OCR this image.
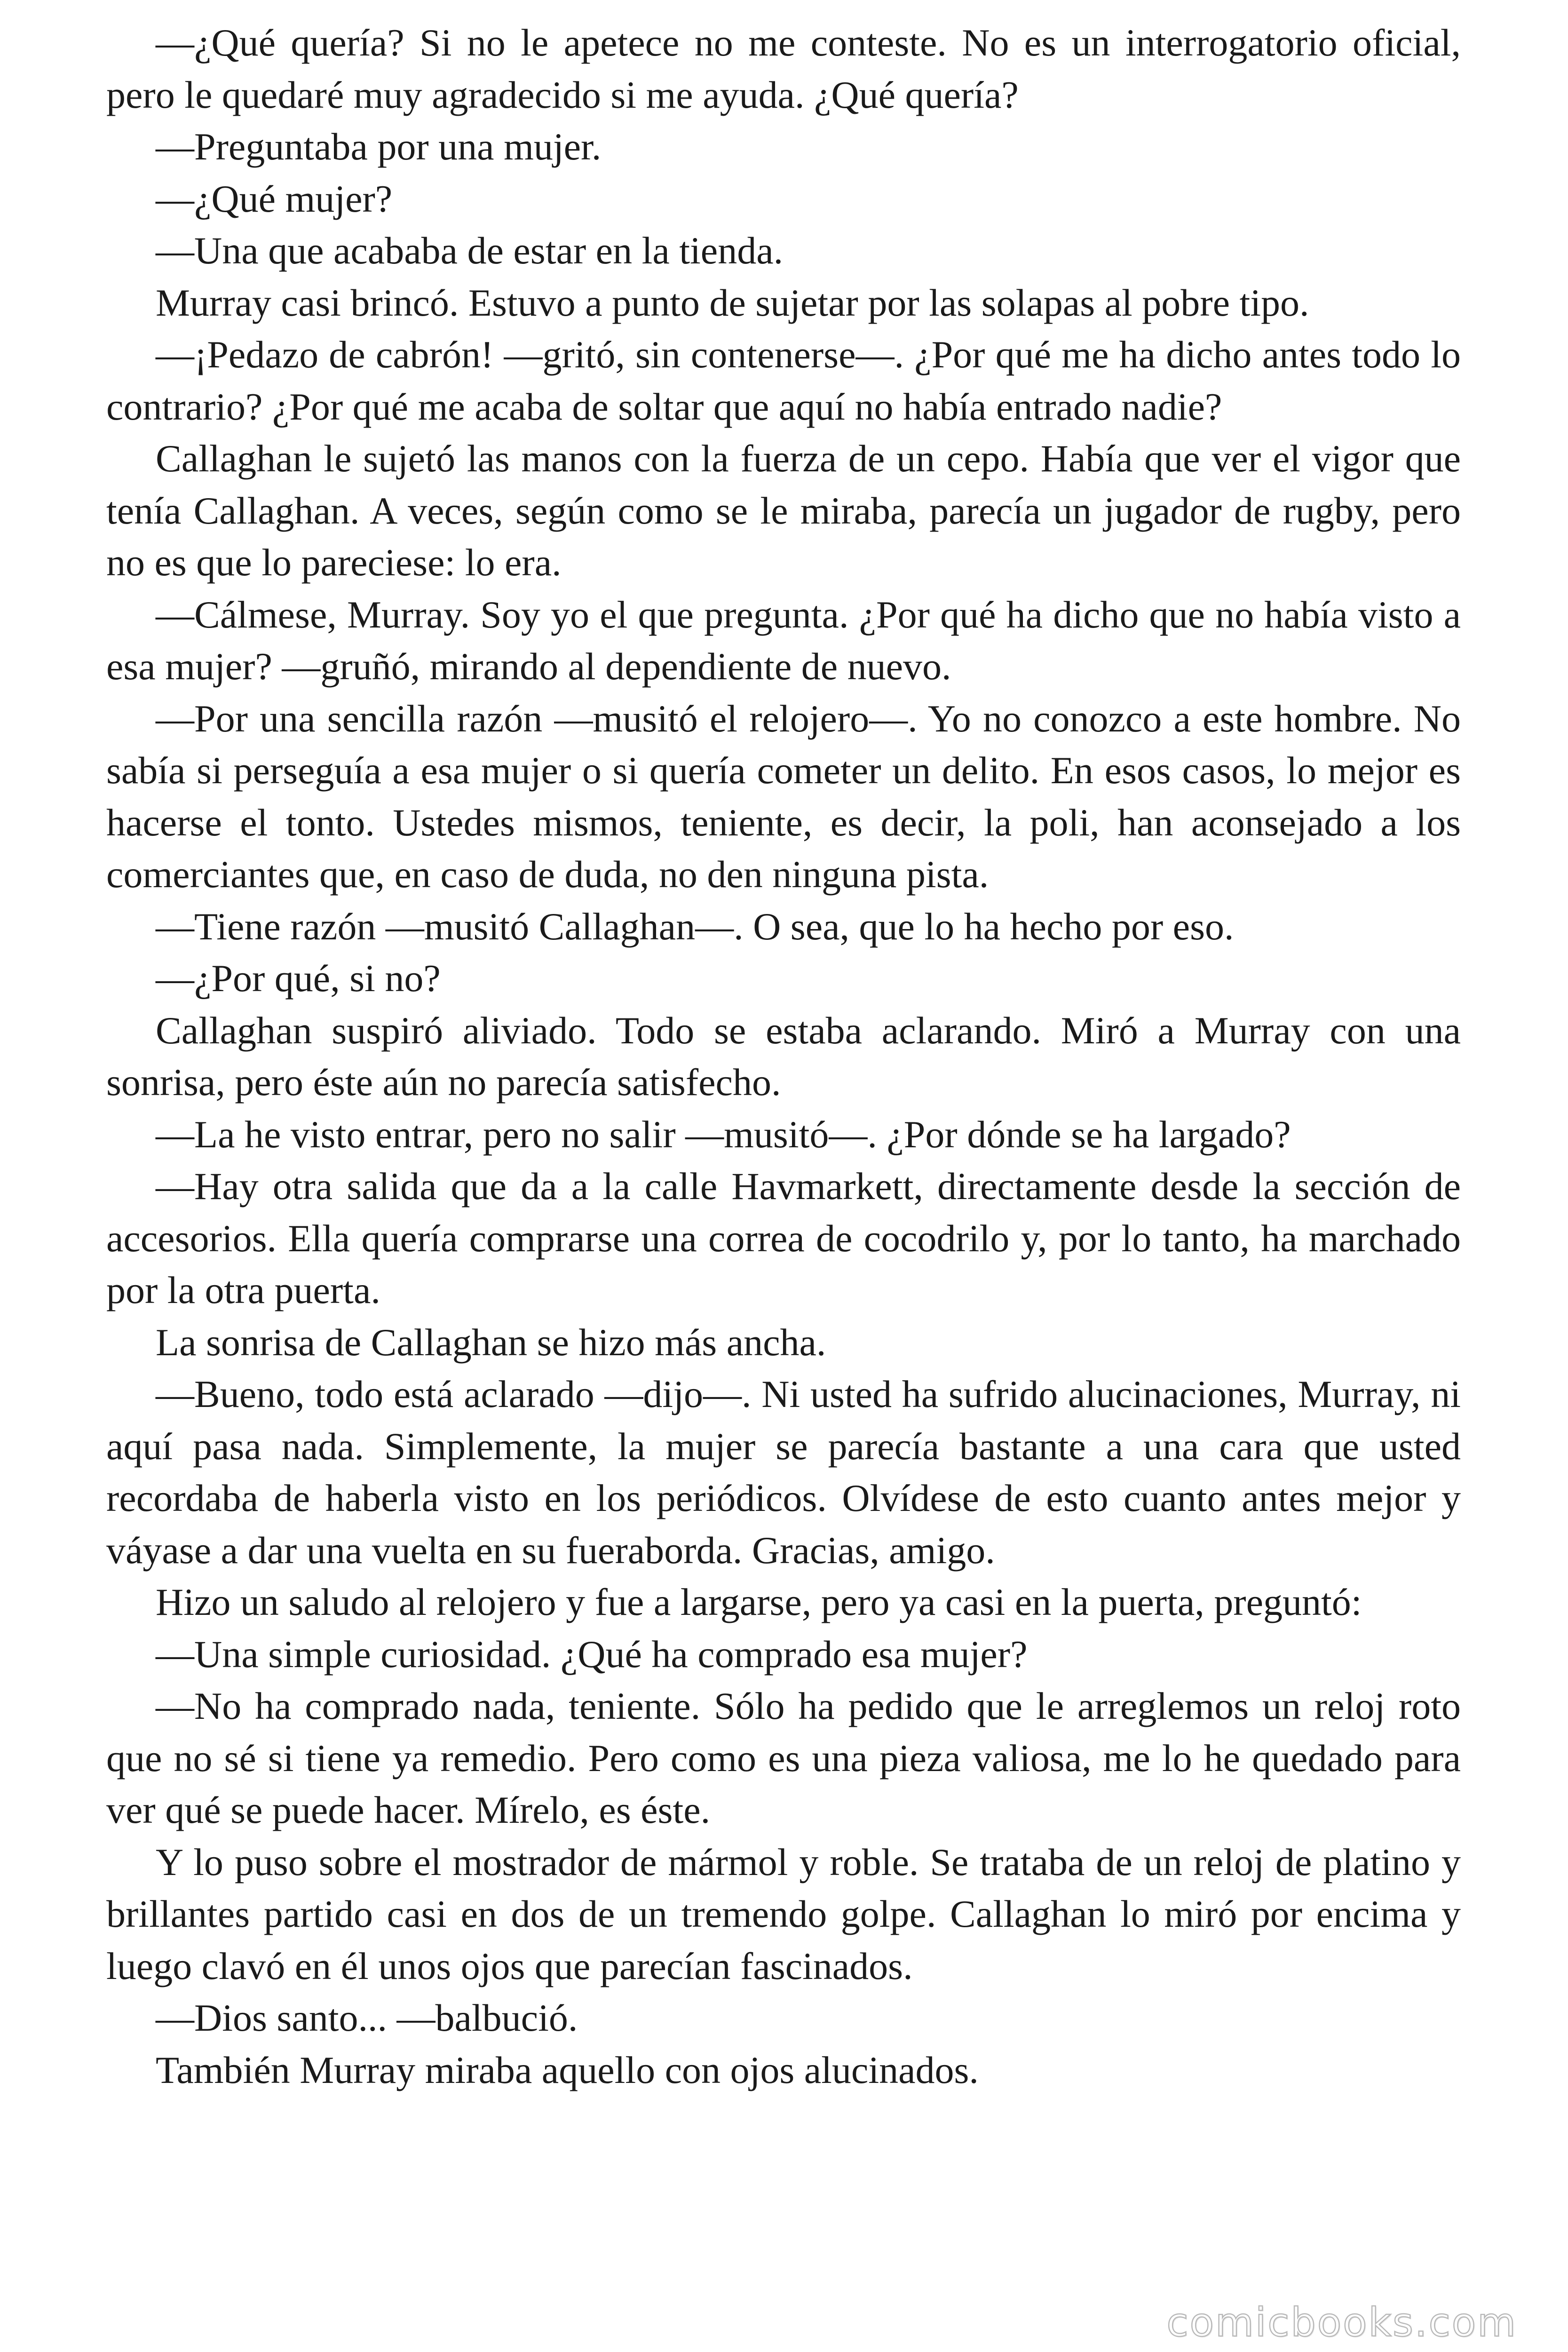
—¿Qué quería? Si no le apetece no me conteste. No es un interrogatorio oficial, pero le quedaré muy agradecido si me ayuda. ¿Qué quería?

—Preguntaba por una mujer.

—¿Qué mujer?

—Una que acababa de estar en la tienda.

Murray casi brincó. Estuvo a punto de sujetar por las solapas al pobre tipo.

—¡Pedazo de cabrón! —gritó, sin contenerse—. ¿Por qué me ha dicho antes todo lo contrario? ¿Por qué me acaba de soltar que aquí no había entrado nadie?

Callaghan le sujetó las manos con la fuerza de un cepo. Había que ver el vigor que tenía Callaghan. A veces, según como se le miraba, parecía un jugador de rugby, pero no es que lo pareciese: lo era.

—Cálmese, Murray. Soy yo el que pregunta. ¿Por qué ha dicho que no había visto a esa mujer? —gruñó, mirando al dependiente de nuevo.

—Por una sencilla razón —musitó el relojero—. Yo no conozco a este hombre. No sabía si perseguía a esa mujer o si quería cometer un delito. En esos casos, lo mejor es hacerse el tonto. Ustedes mismos, teniente, es decir, la poli, han aconsejado a los comerciantes que, en caso de duda, no den ninguna pista.

—Tiene razón —musitó Callaghan—. O sea, que lo ha hecho por eso.

—¿Por qué, si no?

Callaghan suspiró aliviado. Todo se estaba aclarando. Miró a Murray con una sonrisa, pero éste aún no parecía satisfecho.

—La he visto entrar, pero no salir —musitó—. ¿Por dónde se ha largado?

—Hay otra salida que da a la calle Havmarkett, directamente desde la sección de accesorios. Ella quería comprarse una correa de cocodrilo y, por lo tanto, ha marchado por la otra puerta.

La sonrisa de Callaghan se hizo más ancha.

—Bueno, todo está aclarado —dijo—. Ni usted ha sufrido alucinaciones, Murray, ni aquí pasa nada. Simplemente, la mujer se parecía bastante a una cara que usted recordaba de haberla visto en los periódicos. Olvídese de esto cuanto antes mejor y váyase a dar una vuelta en su fueraborda. Gracias, amigo.

Hizo un saludo al relojero y fue a largarse, pero ya casi en la puerta, preguntó:

—Una simple curiosidad. ¿Qué ha comprado esa mujer?

—No ha comprado nada, teniente. Sólo ha pedido que le arreglemos un reloj roto que no sé si tiene ya remedio. Pero como es una pieza valiosa, me lo he quedado para ver qué se puede hacer. Mírelo, es éste.

Y lo puso sobre el mostrador de mármol y roble. Se trataba de un reloj de platino y brillantes partido casi en dos de un tremendo golpe. Callaghan lo miró por encima y luego clavó en él unos ojos que parecían fascinados.

—Dios santo... —balbució.

También Murray miraba aquello con ojos alucinados.

comicbooks.com
